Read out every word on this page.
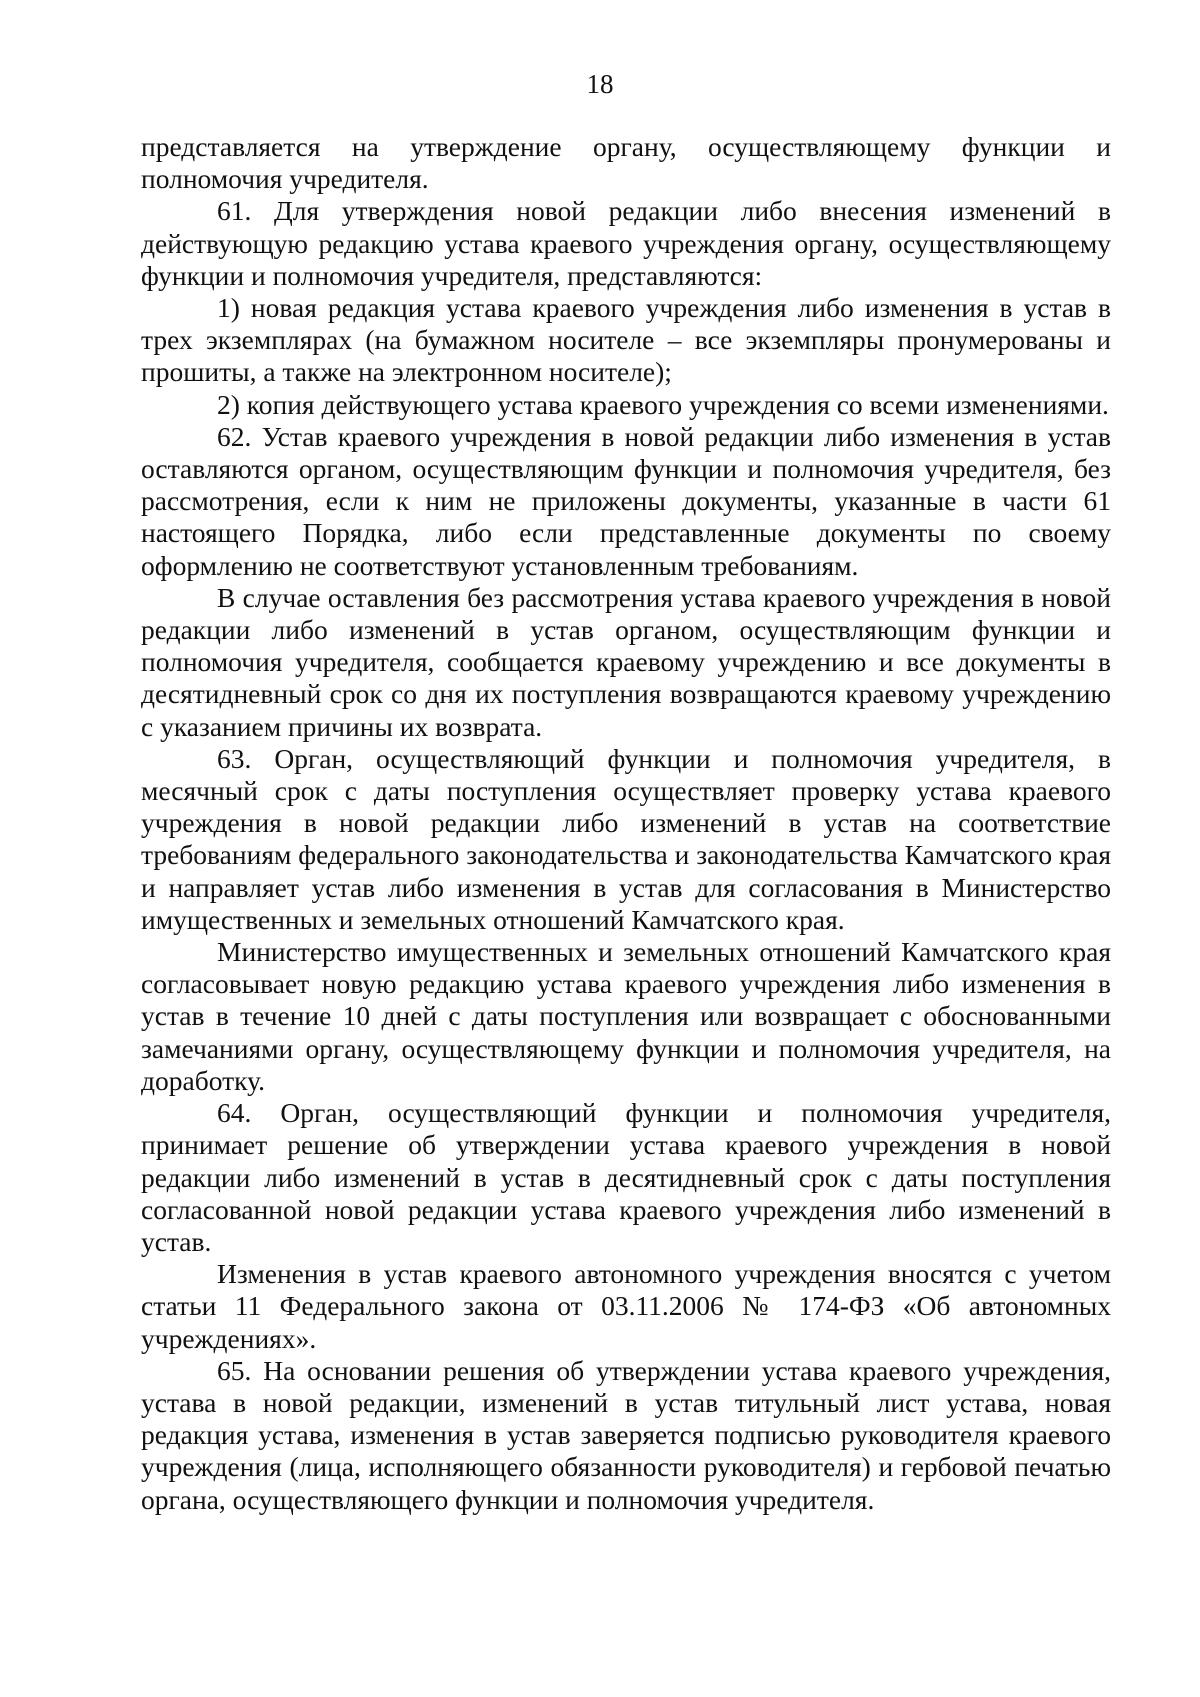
18

представляется на утверждение органу, осуществляющему функции и полномочия учредителя.

61. Для утверждения новой редакции либо внесения изменений в действующую редакцию устава краевого учреждения органу, осуществляющему функции и полномочия учредителя, представляются:

1) новая редакция устава краевого учреждения либо изменения в устав в трех экземплярах (на бумажном носителе – все экземпляры пронумерованы и прошиты, а также на электронном носителе);

2) копия действующего устава краевого учреждения со всеми изменениями.

62. Устав краевого учреждения в новой редакции либо изменения в устав оставляются органом, осуществляющим функции и полномочия учредителя, без рассмотрения, если к ним не приложены документы, указанные в части 61 настоящего Порядка, либо если представленные документы по своему оформлению не соответствуют установленным требованиям.

В случае оставления без рассмотрения устава краевого учреждения в новой редакции либо изменений в устав органом, осуществляющим функции и полномочия учредителя, сообщается краевому учреждению и все документы в десятидневный срок со дня их поступления возвращаются краевому учреждению с указанием причины их возврата.

63. Орган, осуществляющий функции и полномочия учредителя, в месячный срок с даты поступления осуществляет проверку устава краевого учреждения в новой редакции либо изменений в устав на соответствие требованиям федерального законодательства и законодательства Камчатского края и направляет устав либо изменения в устав для согласования в Министерство имущественных и земельных отношений Камчатского края.

Министерство имущественных и земельных отношений Камчатского края согласовывает новую редакцию устава краевого учреждения либо изменения в устав в течение 10 дней с даты поступления или возвращает с обоснованными замечаниями органу, осуществляющему функции и полномочия учредителя, на доработку.

64. Орган, осуществляющий функции и полномочия учредителя, принимает решение об утверждении устава краевого учреждения в новой редакции либо изменений в устав в десятидневный срок с даты поступления согласованной новой редакции устава краевого учреждения либо изменений в устав.

Изменения в устав краевого автономного учреждения вносятся с учетом статьи 11 Федерального закона от 03.11.2006 № 174-ФЗ «Об автономных учреждениях».

65. На основании решения об утверждении устава краевого учреждения, устава в новой редакции, изменений в устав титульный лист устава, новая редакция устава, изменения в устав заверяется подписью руководителя краевого учреждения (лица, исполняющего обязанности руководителя) и гербовой печатью органа, осуществляющего функции и полномочия учредителя.
